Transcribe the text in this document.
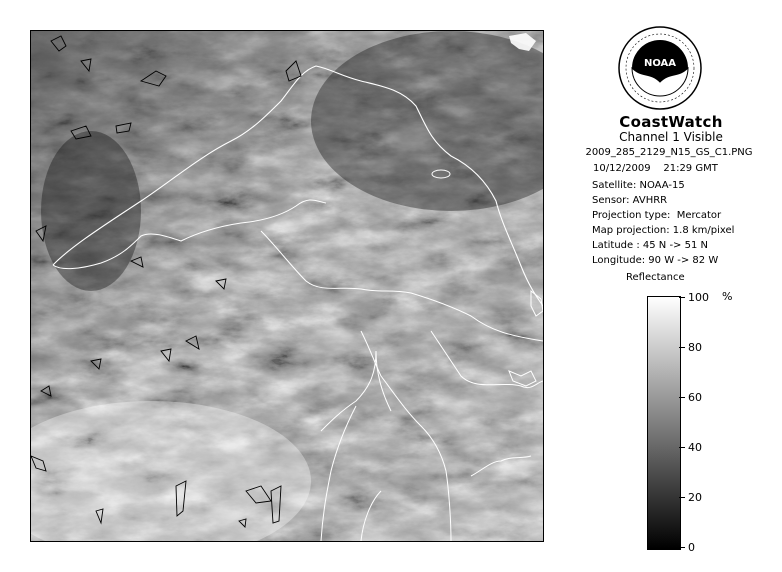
NOAA
CoastWatch
Channel 1 Visible
2009_285_2129_N15_GS_C1.PNG
10/12/2009    21:29 GMT
Satellite: NOAA-15
Sensor: AVHRR
Projection type:  Mercator
Map projection: 1.8 km/pixel
Latitude : 45 N -> 51 N
Longitude: 90 W -> 82 W
Reflectance
%
100
80
60
40
20
0
